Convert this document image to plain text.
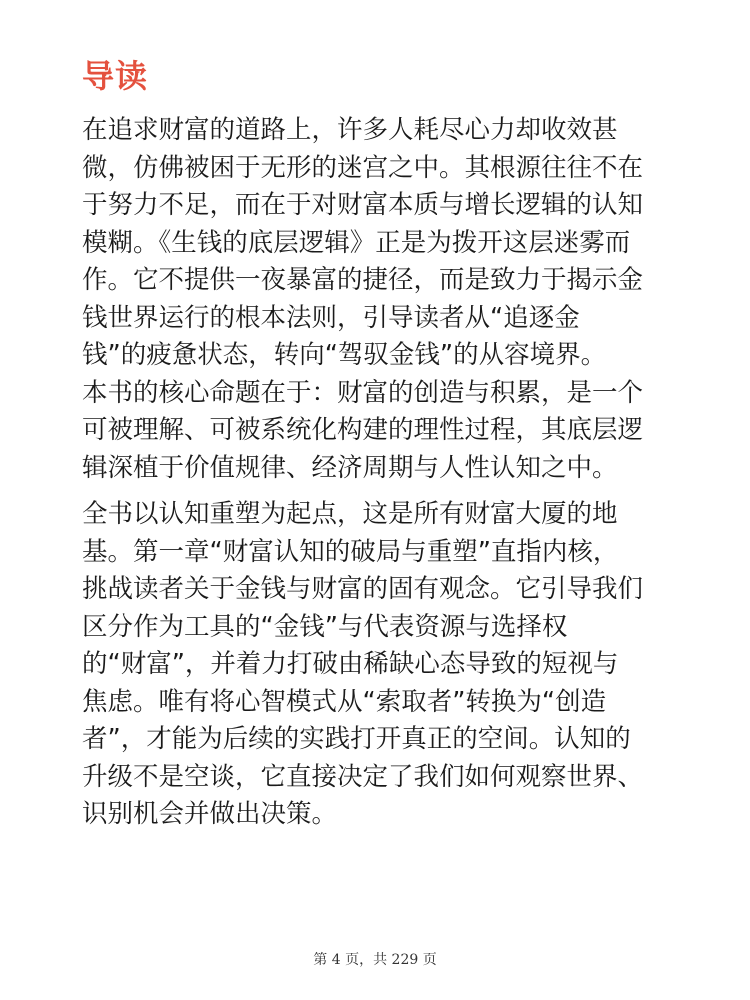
导读

在追求财富的道路上，许多人耗尽心力却收效甚
微，仿佛被困于无形的迷宫之中。其根源往往不在
于努力不足，而在于对财富本质与增长逻辑的认知
模糊。《生钱的底层逻辑》正是为拨开这层迷雾而
作。它不提供一夜暴富的捷径，而是致力于揭示金
钱世界运行的根本法则，引导读者从“追逐金
钱”的疲惫状态，转向“驾驭金钱”的从容境界。
本书的核心命题在于：财富的创造与积累，是一个
可被理解、可被系统化构建的理性过程，其底层逻
辑深植于价值规律、经济周期与人性认知之中。

全书以认知重塑为起点，这是所有财富大厦的地
基。第一章“财富认知的破局与重塑”直指内核，
挑战读者关于金钱与财富的固有观念。它引导我们
区分作为工具的“金钱”与代表资源与选择权
的“财富”，并着力打破由稀缺心态导致的短视与
焦虑。唯有将心智模式从“索取者”转换为“创造
者”，才能为后续的实践打开真正的空间。认知的
升级不是空谈，它直接决定了我们如何观察世界、
识别机会并做出决策。

第 4 页，共 229 页
